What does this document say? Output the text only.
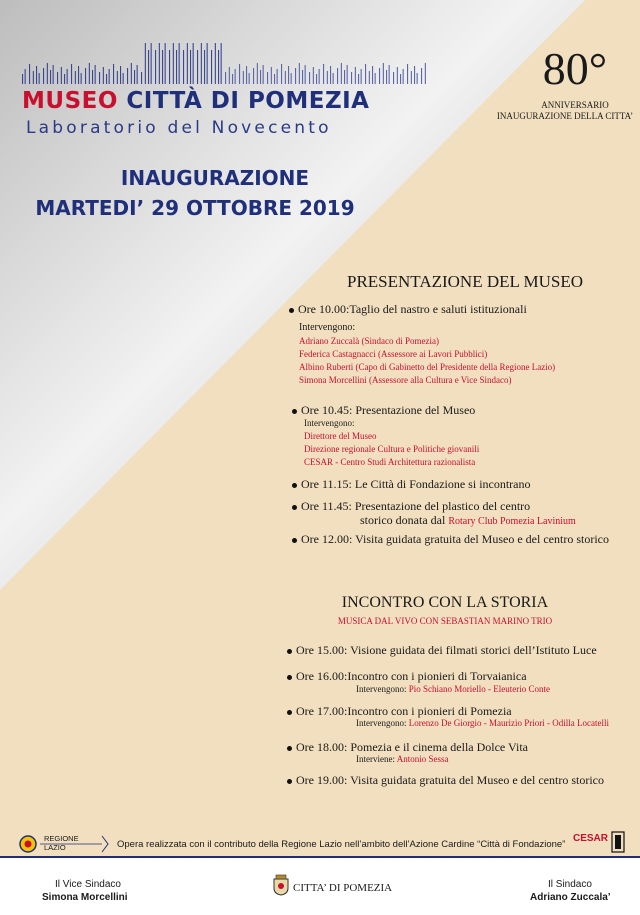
MUSEO CITTÀ DI POMEZIA
Laboratorio del Novecento
80°
ANNIVERSARIO
INAUGURAZIONE DELLA CITTA’
INAUGURAZIONE
MARTEDI’ 29 OTTOBRE 2019
PRESENTAZIONE DEL MUSEO
Ore 10.00:Taglio del nastro e saluti istituzionali
Intervengono:
Adriano Zuccalà (Sindaco di Pomezia)
Federica Castagnacci (Assessore ai Lavori Pubblici)
Albino Ruberti (Capo di Gabinetto del Presidente della Regione Lazio)
Simona Morcellini (Assessore alla Cultura e Vice Sindaco)
Ore 10.45: Presentazione del Museo
Intervengono:
Direttore del Museo
Direzione regionale Cultura e Politiche giovanili
CESAR - Centro Studi Architettura razionalista
Ore 11.15: Le Città di Fondazione si incontrano
Ore 11.45: Presentazione del plastico del centro
storico donata dal Rotary Club Pomezia Lavinium
Ore 12.00: Visita guidata gratuita del Museo e del centro storico
INCONTRO CON LA STORIA
MUSICA DAL VIVO CON SEBASTIAN MARINO TRIO
Ore 15.00: Visione guidata dei filmati storici dell’Istituto Luce
Ore 16.00:Incontro con i pionieri di Torvaianica
Intervengono: Pio Schiano Moriello - Eleuterio Conte
Ore 17.00:Incontro con i pionieri di Pomezia
Intervengono: Lorenzo De Giorgio - Maurizio Priori - Odilla Locatelli
Ore 18.00: Pomezia e il cinema della Dolce Vita
Interviene: Antonio Sessa
Ore 19.00: Visita guidata gratuita del Museo e del centro storico
REGIONE LAZIO	Opera realizzata con il contributo della Regione Lazio nell’ambito dell’Azione Cardine “Città di Fondazione”
CESAR
Il Vice Sindaco
Simona Morcellini
CITTA’ DI POMEZIA	Il Sindaco
Adriano Zuccala’
